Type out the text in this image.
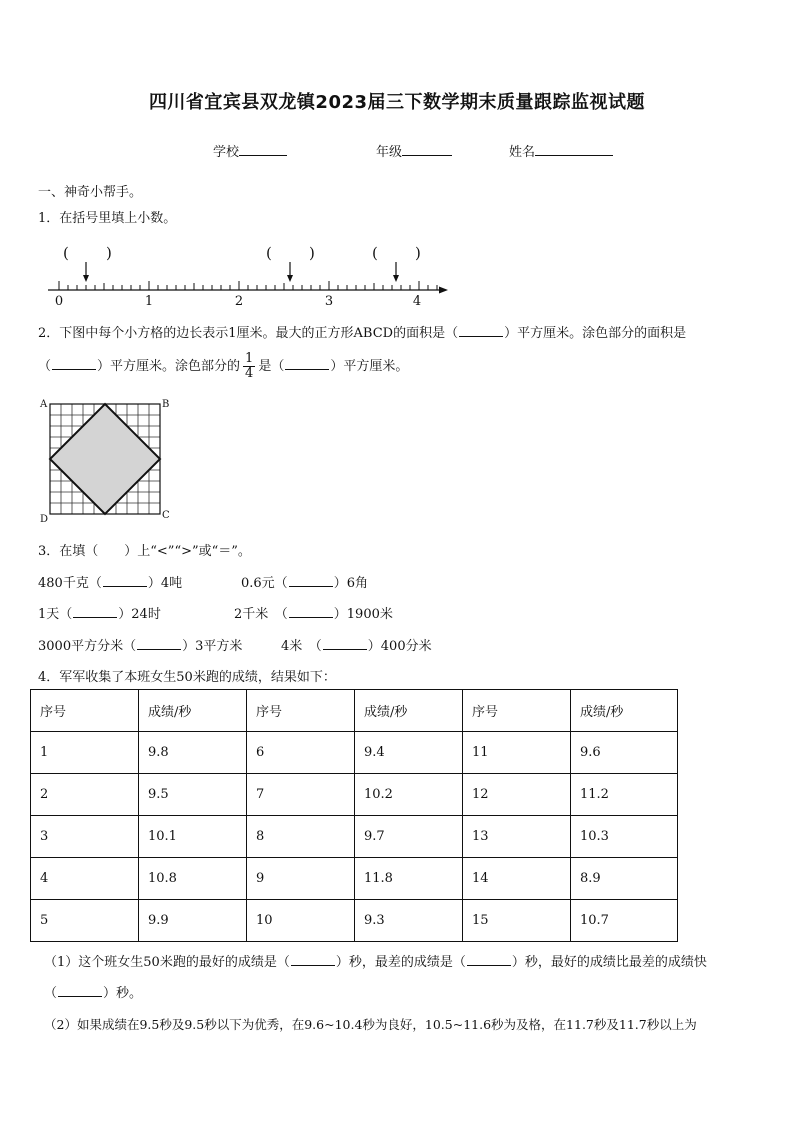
四川省宜宾县双龙镇2023届三下数学期末质量跟踪监视试题
学校	年级	姓名
一、神奇小帮手。
1．在括号里填上小数。
( )	( )	( )
0	1	2	3	4
2．下图中每个小方格的边长表示1厘米。最大的正方形ABCD的面积是（	）平方厘米。涂色部分的面积是
（	）平方厘米。涂色部分的 $\frac{1}{4}$ 是（	）平方厘米。
A	B
C
D
3．在填（　　）上“<”“>”或“＝”。
480千克（	）4吨	0.6元（	）6角
1天（	）24时	2千米　（	）1900米
3000平方分米（	）3平方米	4米　（	）400分米
4．军军收集了本班女生50米跑的成绩，结果如下：
序号	成绩/秒	序号	成绩/秒	序号	成绩/秒
1	9.8	6	9.4	11	9.6
2	9.5	7	10.2	12	11.2
3	10.1	8	9.7	13	10.3
4	10.8	9	11.8	14	8.9
5	9.9	10	9.3	15	10.7
（1）这个班女生50米跑的最好的成绩是（	）秒，最差的成绩是（	）秒，最好的成绩比最差的成绩快
（	）秒。
（2）如果成绩在9.5秒及9.5秒以下为优秀，在9.6~10.4秒为良好，10.5~11.6秒为及格，在11.7秒及11.7秒以上为
